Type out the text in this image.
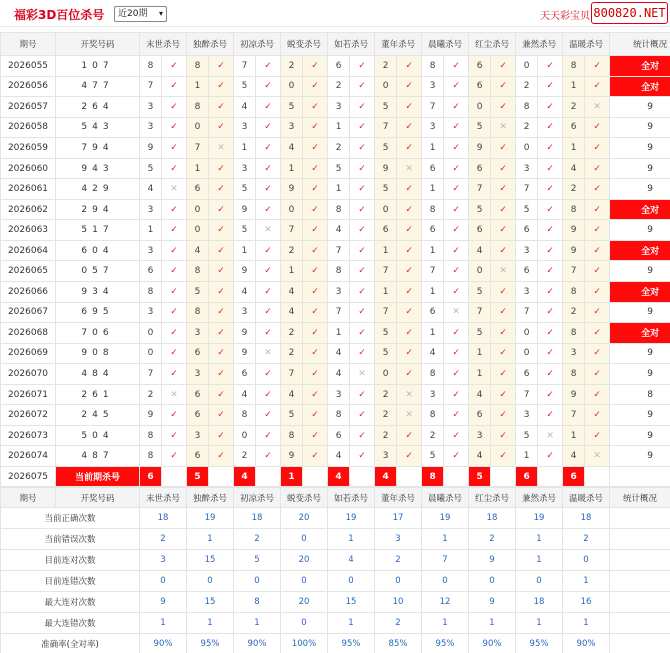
福彩3D百位杀号	近20期 ▾	天天彩宝贝 800820.NET
期号	开奖号码	末世杀号		独醉杀号		初凉杀号		蜕变杀号		如若杀号		董年杀号		晨曦杀号		红尘杀号		兼然杀号		温暖杀号		统计概况
2026055	107	8	✓	8	✓	7	✓	2	✓	6	✓	2	✓	8	✓	6	✓	0	✓	8	✓	全对
2026056	477	7	✓	1	✓	5	✓	0	✓	2	✓	0	✓	3	✓	6	✓	2	✓	1	✓	全对
2026057	264	3	✓	8	✓	4	✓	5	✓	3	✓	5	✓	7	✓	0	✓	8	✓	2	✕	9
2026058	543	3	✓	0	✓	3	✓	3	✓	1	✓	7	✓	3	✓	5	✕	2	✓	6	✓	9
2026059	794	9	✓	7	✕	1	✓	4	✓	2	✓	5	✓	1	✓	9	✓	0	✓	1	✓	9
2026060	943	5	✓	1	✓	3	✓	1	✓	5	✓	9	✕	6	✓	6	✓	3	✓	4	✓	9
2026061	429	4	✕	6	✓	5	✓	9	✓	1	✓	5	✓	1	✓	7	✓	7	✓	2	✓	9
2026062	294	3	✓	0	✓	9	✓	0	✓	8	✓	0	✓	8	✓	5	✓	5	✓	8	✓	全对
2026063	517	1	✓	0	✓	5	✕	7	✓	4	✓	6	✓	6	✓	6	✓	6	✓	9	✓	9
2026064	604	3	✓	4	✓	1	✓	2	✓	7	✓	1	✓	1	✓	4	✓	3	✓	9	✓	全对
2026065	057	6	✓	8	✓	9	✓	1	✓	8	✓	7	✓	7	✓	0	✕	6	✓	7	✓	9
2026066	934	8	✓	5	✓	4	✓	4	✓	3	✓	1	✓	1	✓	5	✓	3	✓	8	✓	全对
2026067	695	3	✓	8	✓	3	✓	4	✓	7	✓	7	✓	6	✕	7	✓	7	✓	2	✓	9
2026068	706	0	✓	3	✓	9	✓	2	✓	1	✓	5	✓	1	✓	5	✓	0	✓	8	✓	全对
2026069	908	0	✓	6	✓	9	✕	2	✓	4	✓	5	✓	4	✓	1	✓	0	✓	3	✓	9
2026070	484	7	✓	3	✓	6	✓	7	✓	4	✕	0	✓	8	✓	1	✓	6	✓	8	✓	9
2026071	261	2	✕	6	✓	4	✓	4	✓	3	✓	2	✕	3	✓	4	✓	7	✓	9	✓	8
2026072	245	9	✓	6	✓	8	✓	5	✓	8	✓	2	✕	8	✓	6	✓	3	✓	7	✓	9
2026073	504	8	✓	3	✓	0	✓	8	✓	6	✓	2	✓	2	✓	3	✓	5	✕	1	✓	9
2026074	487	8	✓	6	✓	2	✓	9	✓	4	✓	3	✓	5	✓	4	✓	1	✓	4	✕	9
2026075	当前期杀号	6		5		4		1		4		4		8		5		6		6		
期号	开奖号码	末世杀号	独醉杀号	初凉杀号	蜕变杀号	如若杀号	董年杀号	晨曦杀号	红尘杀号	兼然杀号	温暖杀号	统计概况
当前正确次数		18	19	18	20	19	17	19	18	19	18	
当前错误次数		2	1	2	0	1	3	1	2	1	2	
目前连对次数		3	15	5	20	4	2	7	9	1	0	
目前连错次数		0	0	0	0	0	0	0	0	0	1	
最大连对次数		9	15	8	20	15	10	12	9	18	16	
最大连错次数		1	1	1	0	1	2	1	1	1	1	
准确率(全对率)		90%	95%	90%	100%	95%	85%	95%	90%	95%	90%	
